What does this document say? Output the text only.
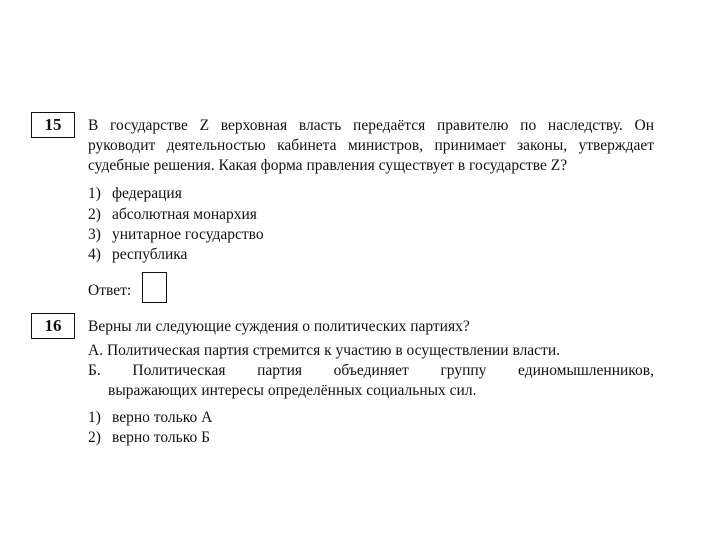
15	В государстве Z верховная власть передаётся правителю по наследству. Он
руководит деятельностью кабинета министров, принимает законы, утверждает
судебные решения. Какая форма правления существует в государстве Z?
1) федерация
2) абсолютная монархия
3) унитарное государство
4) республика
Ответ:
16	Верны ли следующие суждения о политических партиях?
А. Политическая партия стремится к участию в осуществлении власти.
Б. Политическая партия объединяет группу единомышленников,
выражающих интересы определённых социальных сил.
1) верно только А
2) верно только Б
